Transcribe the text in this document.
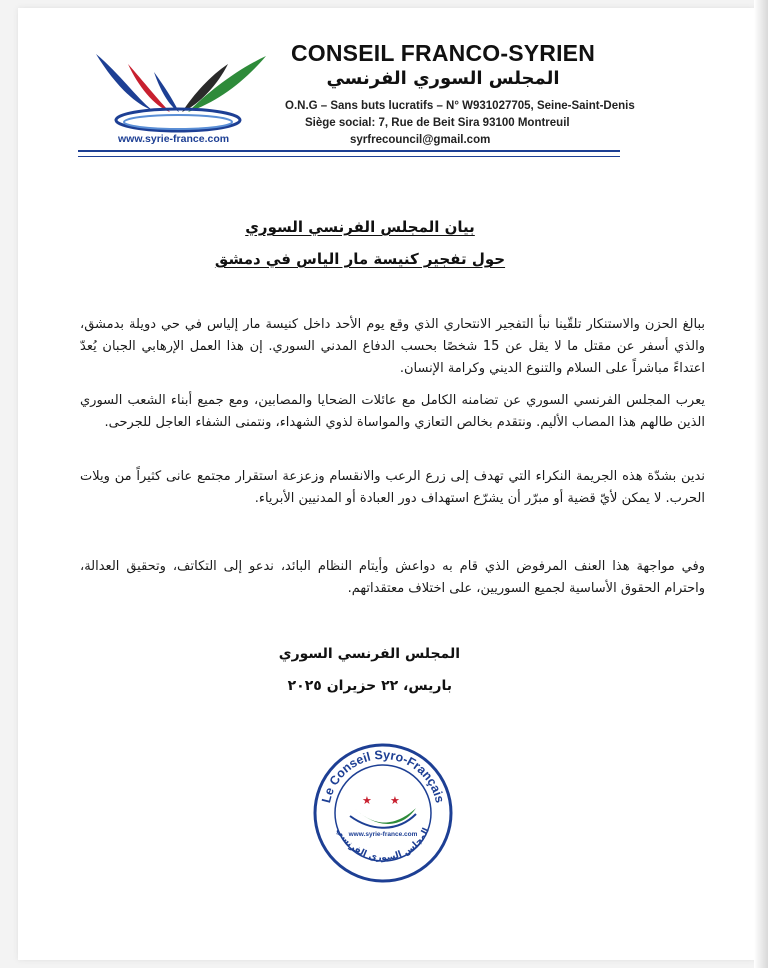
www.syrie-france.com
CONSEIL FRANCO-SYRIEN
المجلس السوري الفرنسي
O.N.G – Sans buts lucratifs – N° W931027705, Seine-Saint-Denis
Siège social: 7, Rue de Beit Sira 93100 Montreuil
syrfrecouncil@gmail.com
بيان المجلس الفرنسي السوري
حول تفجير كنيسة مار الياس في دمشق
ببالغ الحزن والاستنكار تلقّينا نبأ التفجير الانتحاري الذي وقع يوم الأحد داخل كنيسة مار إلياس في حي دويلة بدمشق، والذي أسفر عن مقتل ما لا يقل عن 15 شخصًا بحسب الدفاع المدني السوري. إن هذا العمل الإرهابي الجبان يُعدّ اعتداءً مباشراً على السلام والتنوع الديني وكرامة الإنسان.
يعرب المجلس الفرنسي السوري عن تضامنه الكامل مع عائلات الضحايا والمصابين، ومع جميع أبناء الشعب السوري الذين طالهم هذا المصاب الأليم. ونتقدم بخالص التعازي والمواساة لذوي الشهداء، ونتمنى الشفاء العاجل للجرحى.
ندين بشدّة هذه الجريمة النكراء التي تهدف إلى زرع الرعب والانقسام وزعزعة استقرار مجتمع عانى كثيراً من ويلات الحرب. لا يمكن لأيّ قضية أو مبرّر أن يشرّع استهداف دور العبادة أو المدنيين الأبرياء.
وفي مواجهة هذا العنف المرفوض الذي قام به دواعش وأيتام النظام البائد، ندعو إلى التكاتف، وتحقيق العدالة، واحترام الحقوق الأساسية لجميع السوريين، على اختلاف معتقداتهم.
المجلس الفرنسي السوري
باريس، ٢٢ حزيران ٢٠٢٥
Le Conseil Syro-Français
المجلس السوري الفرنسي
★ ★
www.syrie-france.com
